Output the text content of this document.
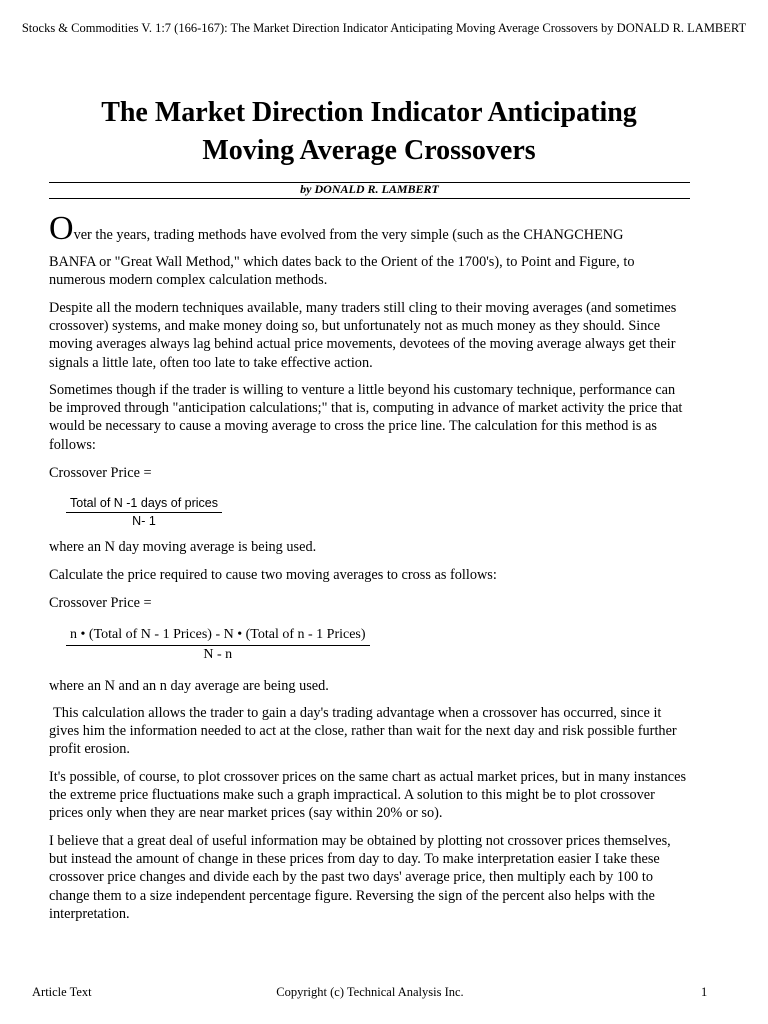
Stocks & Commodities V. 1:7 (166-167): The Market Direction Indicator Anticipating Moving Average Crossovers by DONALD R. LAMBERT
The Market Direction Indicator Anticipating
Moving Average Crossovers
by DONALD R. LAMBERT

Over the years, trading methods have evolved from the very simple (such as the CHANGCHENG

BANFA or "Great Wall Method," which dates back to the Orient of the 1700's), to Point and Figure, to numerous modern complex calculation methods.

Despite all the modern techniques available, many traders still cling to their moving averages (and sometimes crossover) systems, and make money doing so, but unfortunately not as much money as they should. Since moving averages always lag behind actual price movements, devotees of the moving average always get their signals a little late, often too late to take effective action.

Sometimes though if the trader is willing to venture a little beyond his customary technique, performance can be improved through "anticipation calculations;" that is, computing in advance of market activity the price that would be necessary to cause a moving average to cross the price line. The calculation for this method is as follows:

Crossover Price =

Total of N -1 days of prices
N- 1

where an N day moving average is being used.

Calculate the price required to cause two moving averages to cross as follows:

Crossover Price =

n • (Total of N - 1 Prices) - N • (Total of n - 1 Prices)
N - n

where an N and an n day average are being used.

This calculation allows the trader to gain a day's trading advantage when a crossover has occurred, since it gives him the information needed to act at the close, rather than wait for the next day and risk possible further profit erosion.

It's possible, of course, to plot crossover prices on the same chart as actual market prices, but in many instances the extreme price fluctuations make such a graph impractical. A solution to this might be to plot crossover prices only when they are near market prices (say within 20% or so).

I believe that a great deal of useful information may be obtained by plotting not crossover prices themselves, but instead the amount of change in these prices from day to day. To make interpretation easier I take these crossover price changes and divide each by the past two days' average price, then multiply each by 100 to change them to a size independent percentage figure. Reversing the sign of the percent also helps with the interpretation.

Article Text	Copyright (c) Technical Analysis Inc.	1
